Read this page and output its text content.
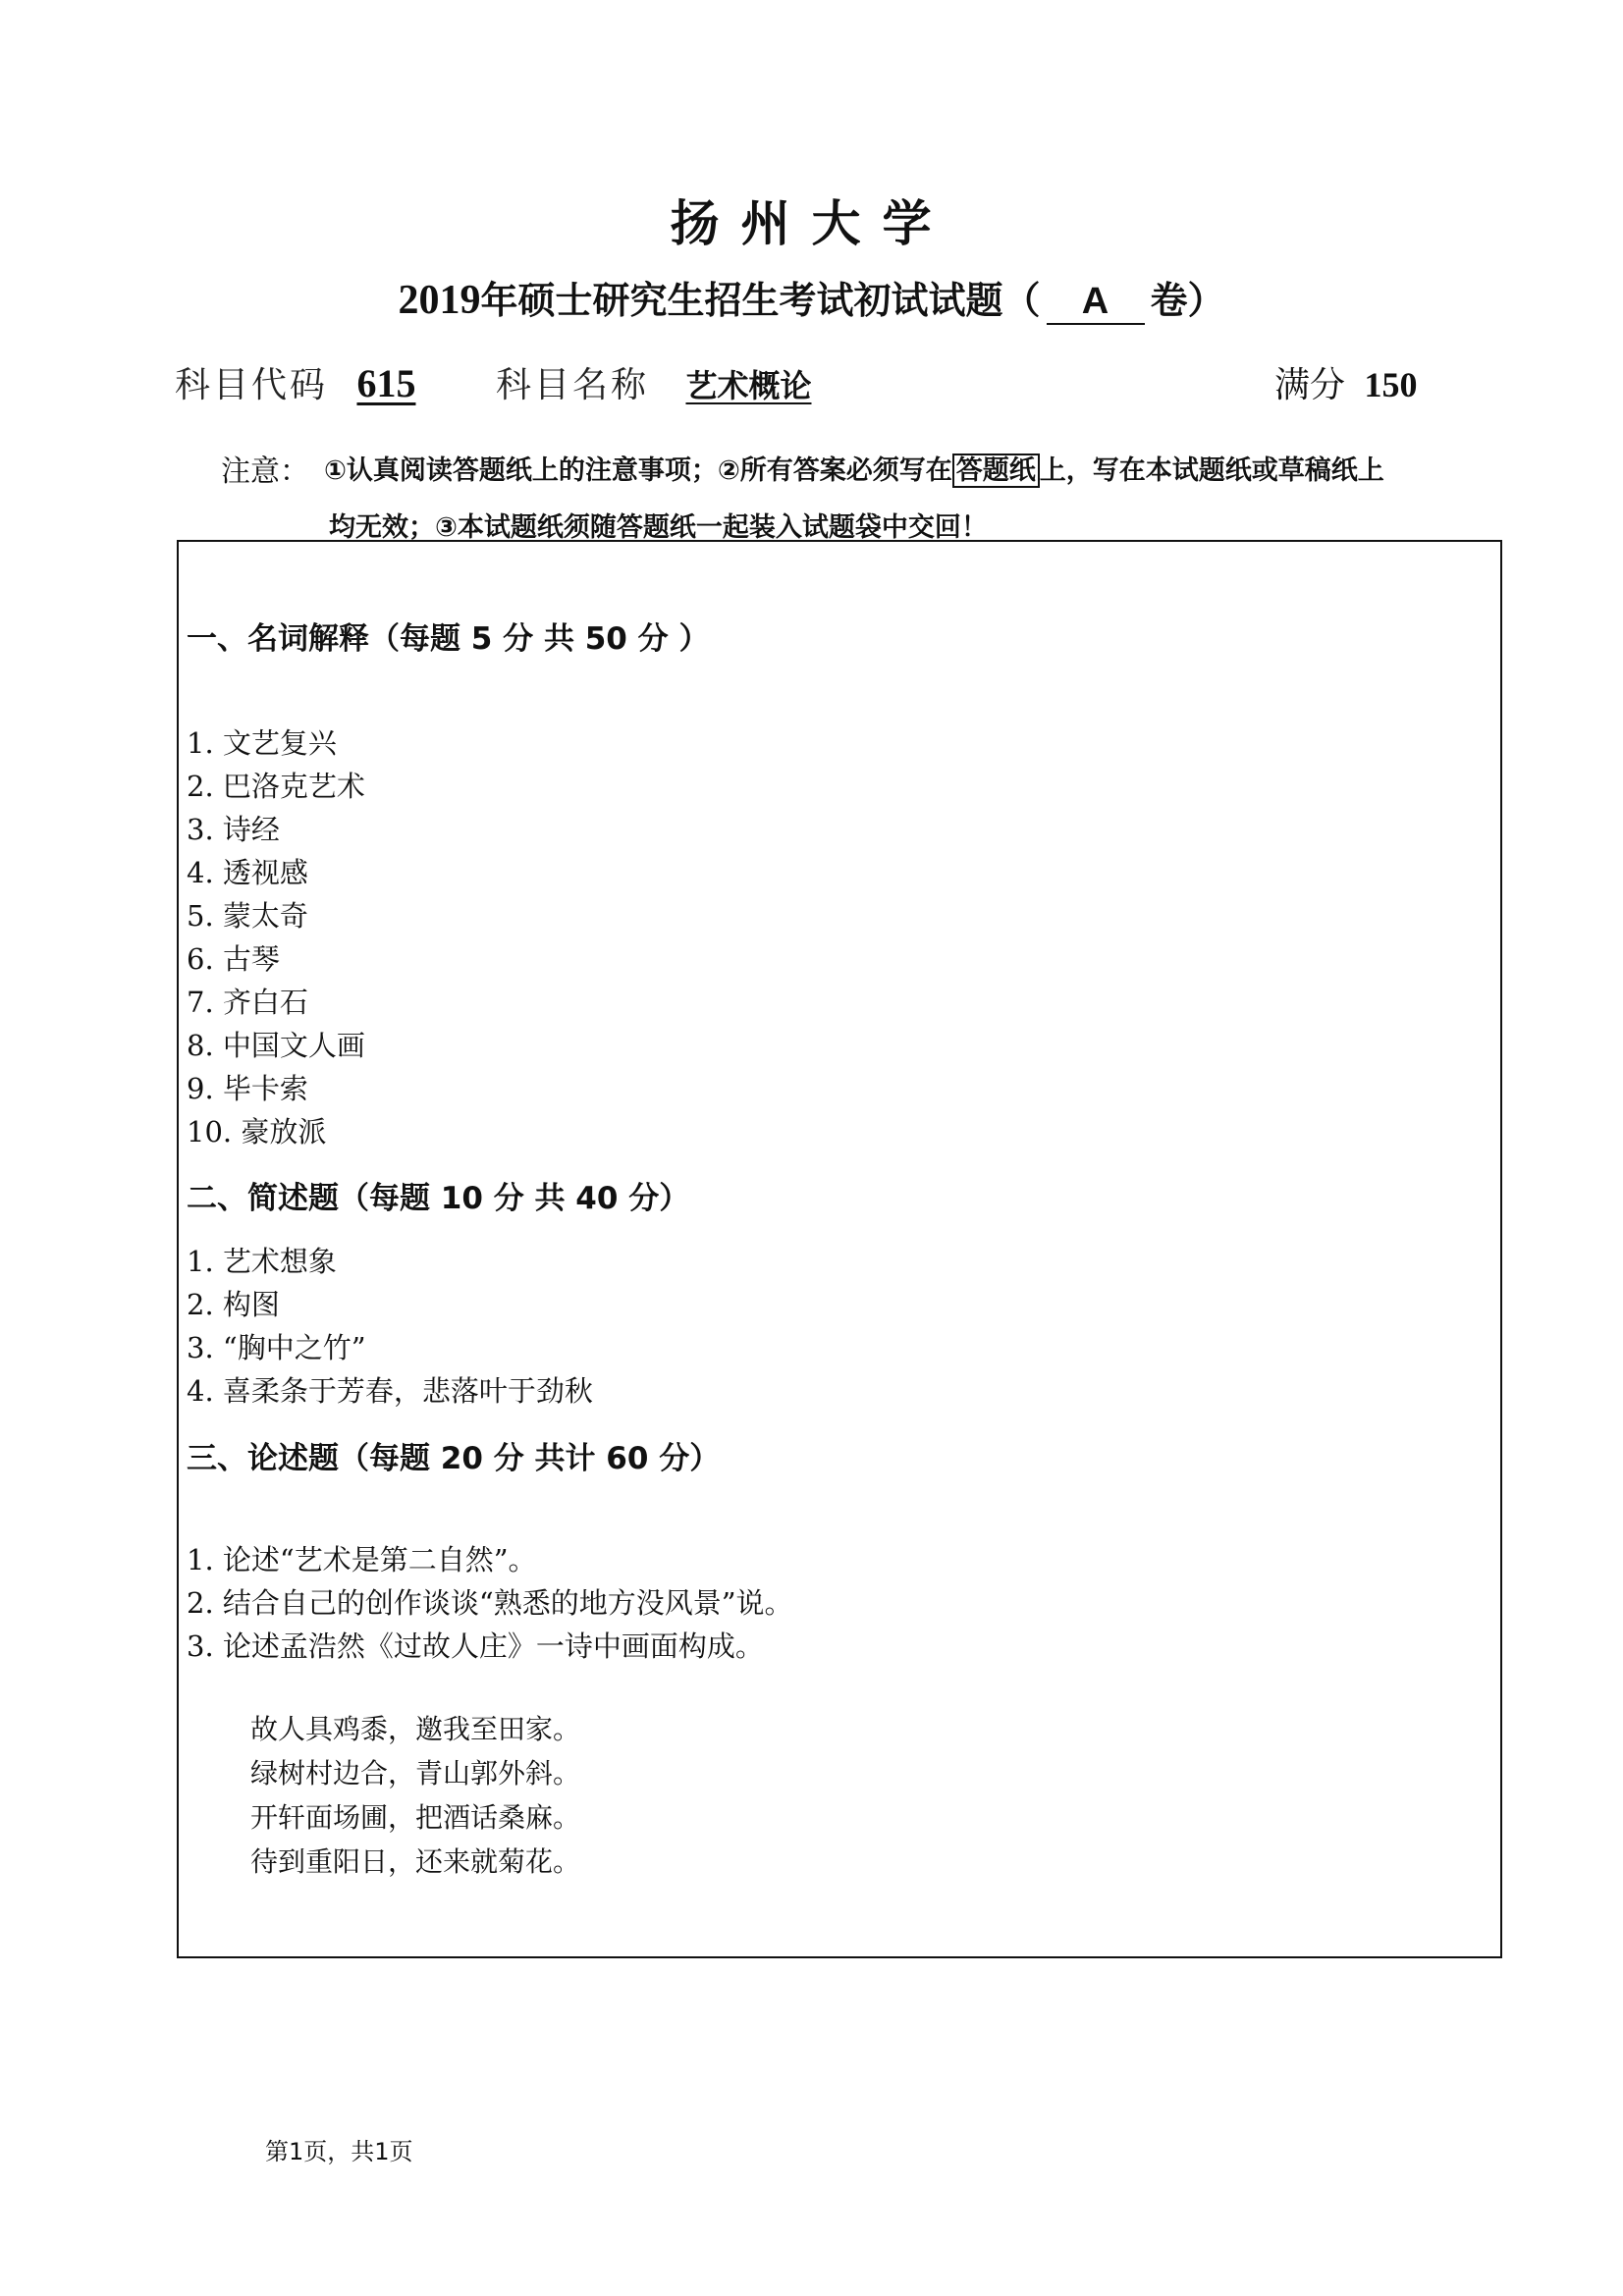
扬州大学
2019年硕士研究生招生考试初试试题（ A 卷）
科目代码 615 科目名称 艺术概论	满分 150
注意： ①认真阅读答题纸上的注意事项；②所有答案必须写在 答题纸 上，写在本试题纸或草稿纸上
均无效；③本试题纸须随答题纸一起装入试题袋中交回！
一、名词解释（每题 5 分 共 50 分 ）
1. 文艺复兴
2. 巴洛克艺术
3. 诗经
4. 透视感
5. 蒙太奇
6. 古琴
7. 齐白石
8. 中国文人画
9. 毕卡索
10. 豪放派
二、简述题（每题 10 分 共 40 分）
1. 艺术想象
2. 构图
3. “胸中之竹”
4. 喜柔条于芳春，悲落叶于劲秋
三、论述题（每题 20 分 共计 60 分）
1. 论述“艺术是第二自然”。
2. 结合自己的创作谈谈“熟悉的地方没风景”说。
3. 论述孟浩然《过故人庄》一诗中画面构成。
故人具鸡黍，邀我至田家。
绿树村边合，青山郭外斜。
开轩面场圃，把酒话桑麻。
待到重阳日，还来就菊花。
第1页，共1页
